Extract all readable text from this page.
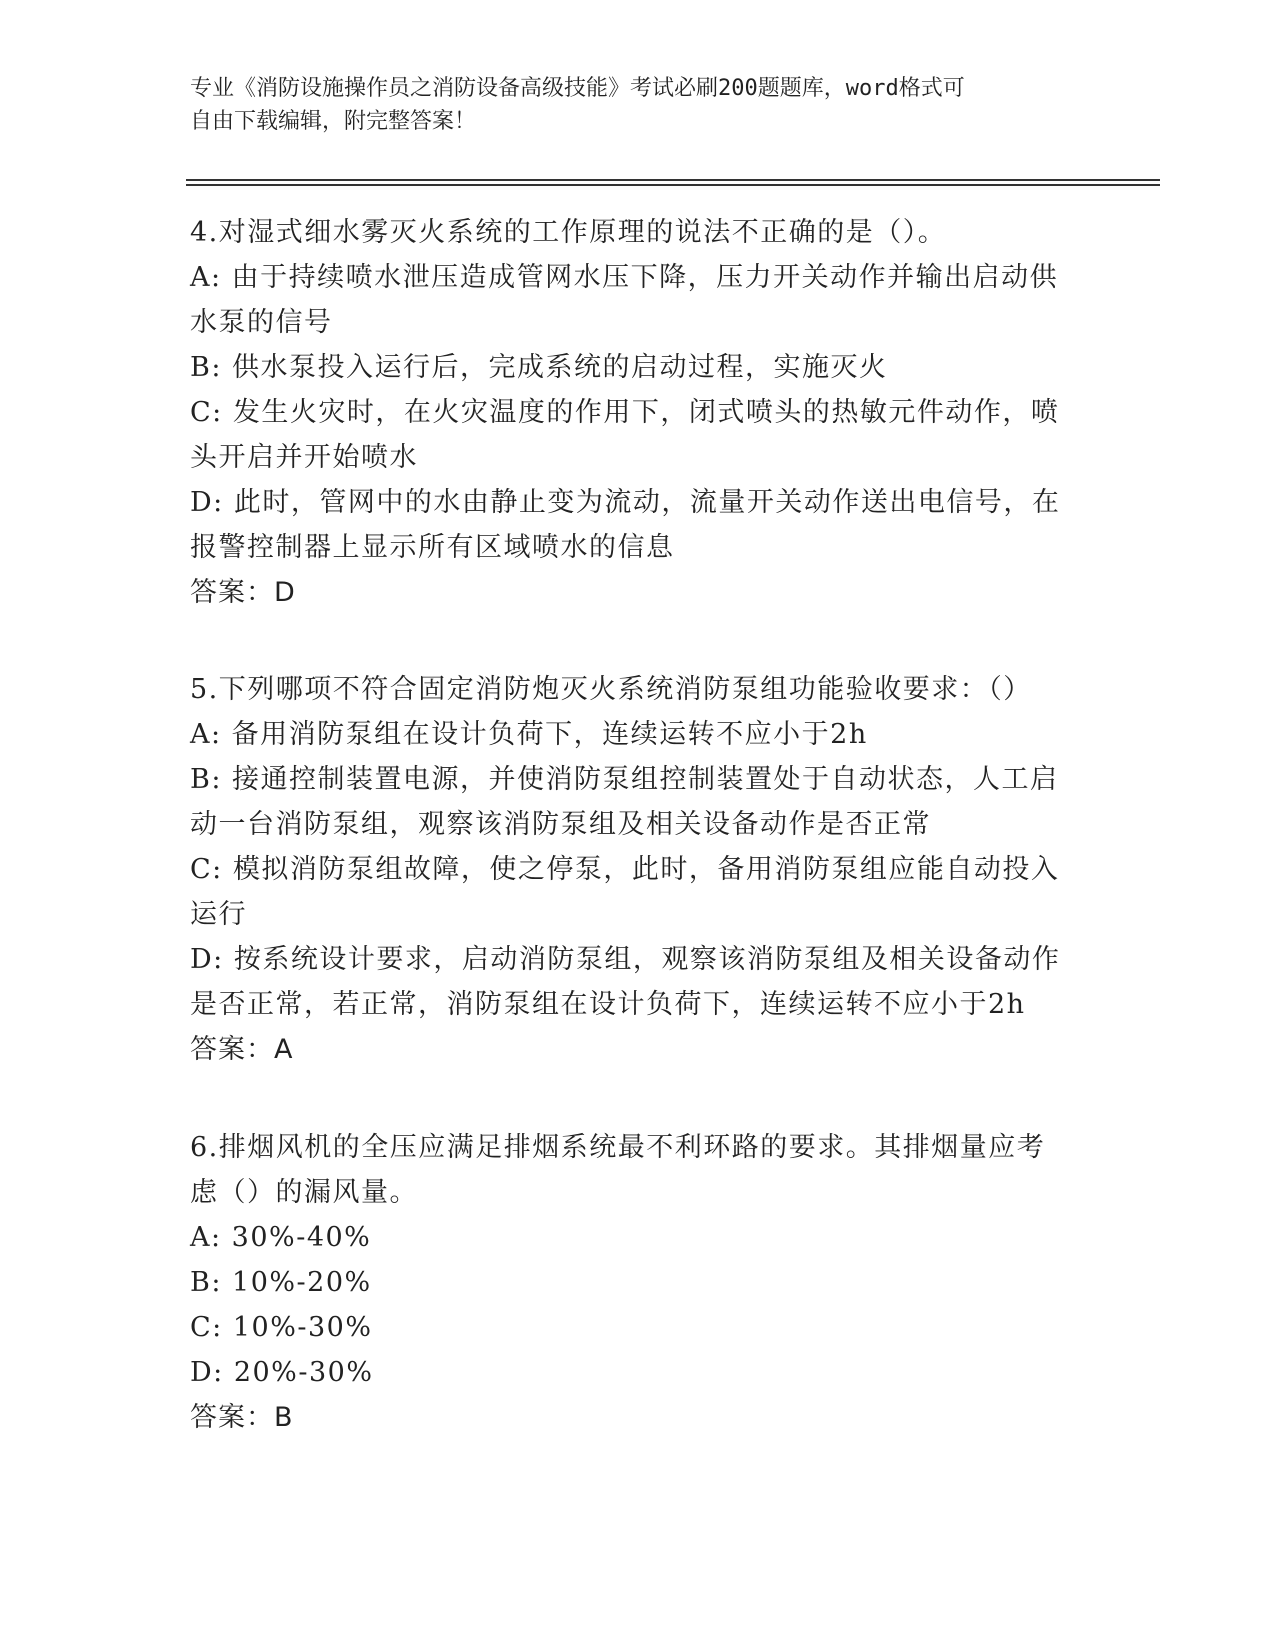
专业《消防设施操作员之消防设备高级技能》考试必刷200题题库，word格式可
自由下载编辑，附完整答案！
4.对湿式细水雾灭火系统的工作原理的说法不正确的是（）。
A: 由于持续喷水泄压造成管网水压下降，压力开关动作并输出启动供
水泵的信号
B: 供水泵投入运行后，完成系统的启动过程，实施灭火
C: 发生火灾时，在火灾温度的作用下，闭式喷头的热敏元件动作，喷
头开启并开始喷水
D: 此时，管网中的水由静止变为流动，流量开关动作送出电信号，在
报警控制器上显示所有区域喷水的信息
答案：D
5.下列哪项不符合固定消防炮灭火系统消防泵组功能验收要求：（）
A: 备用消防泵组在设计负荷下，连续运转不应小于2h
B: 接通控制装置电源，并使消防泵组控制装置处于自动状态，人工启
动一台消防泵组，观察该消防泵组及相关设备动作是否正常
C: 模拟消防泵组故障，使之停泵，此时，备用消防泵组应能自动投入
运行
D: 按系统设计要求，启动消防泵组，观察该消防泵组及相关设备动作
是否正常，若正常，消防泵组在设计负荷下，连续运转不应小于2h
答案：A
6.排烟风机的全压应满足排烟系统最不利环路的要求。其排烟量应考
虑（）的漏风量。
A: 30%-40%
B: 10%-20%
C: 10%-30%
D: 20%-30%
答案：B
